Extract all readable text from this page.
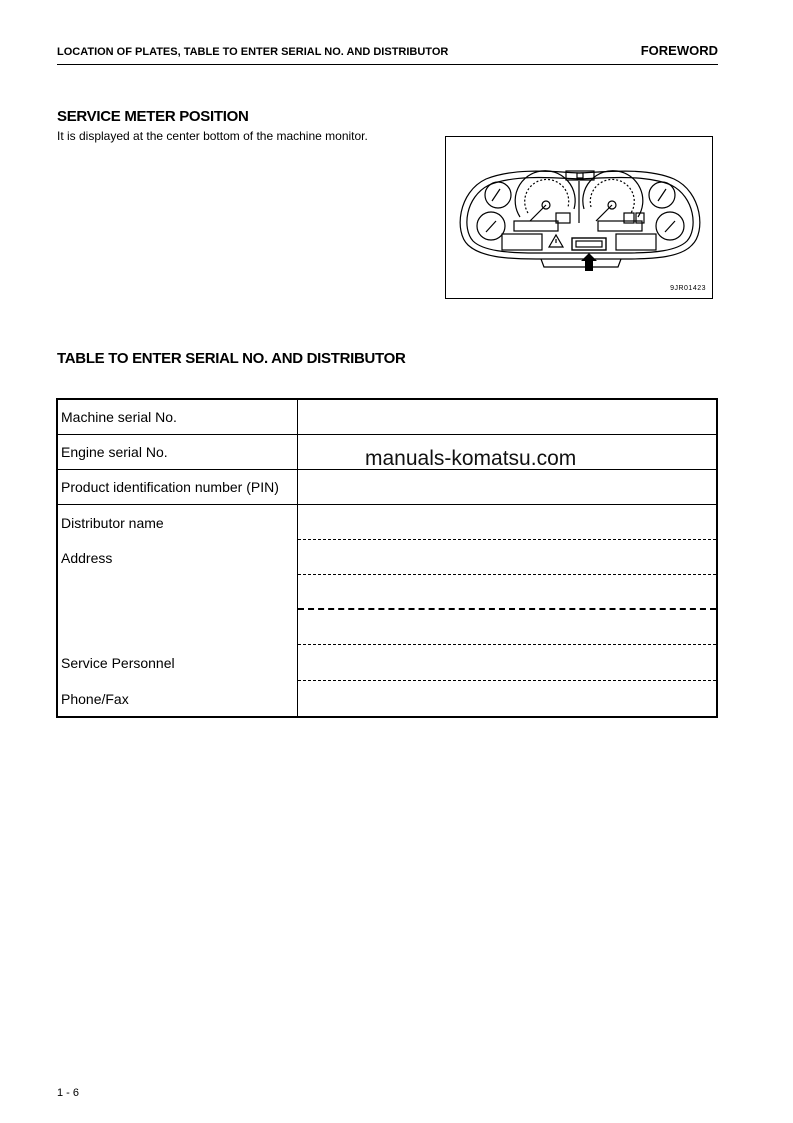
LOCATION OF PLATES, TABLE TO ENTER SERIAL NO. AND DISTRIBUTOR	FOREWORD
SERVICE METER POSITION
It is displayed at the center bottom of the machine monitor.
9JR01423
TABLE TO ENTER SERIAL NO. AND DISTRIBUTOR
Machine serial No.	
Engine serial No.	
Product identification number (PIN)	

Distributor name
Address
Service Personnel
Phone/Fax	

manuals-komatsu.com
1 - 6
